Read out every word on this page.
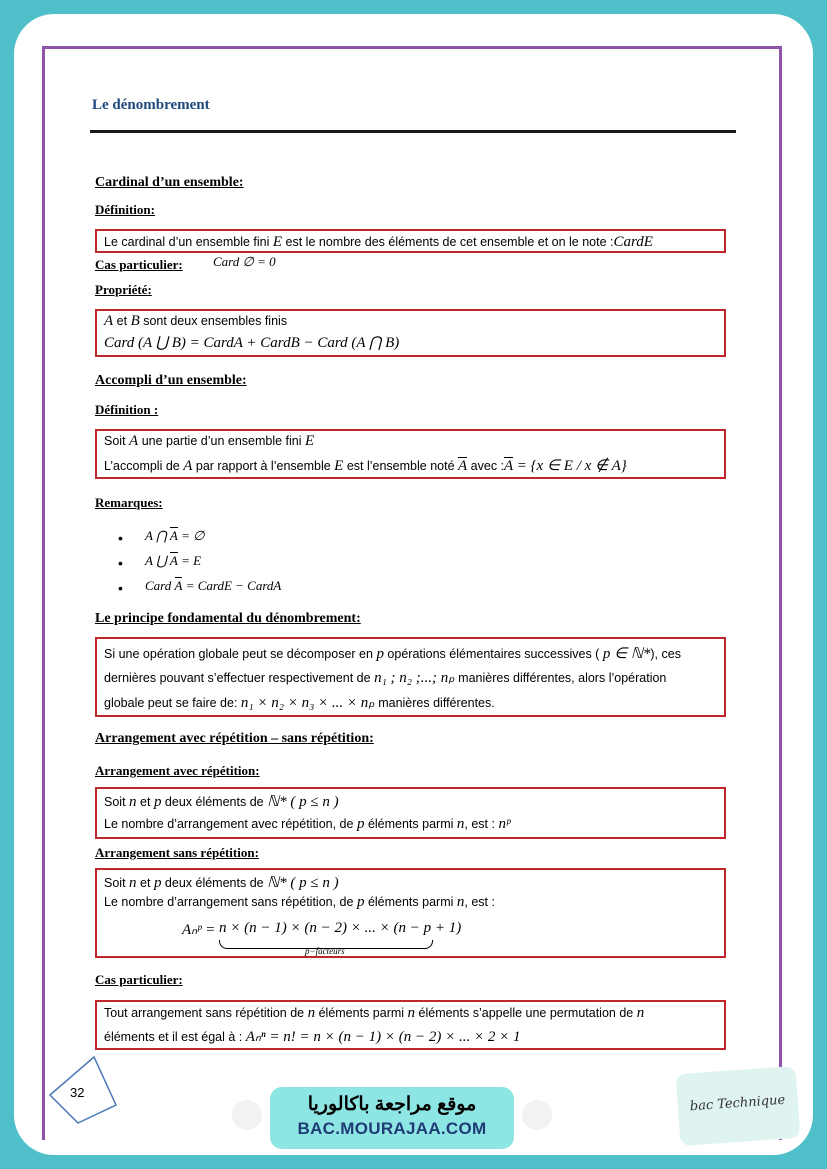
Le dénombrement
Cardinal d’un ensemble:
Définition:
Le cardinal d’un ensemble fini E est le nombre des éléments de cet ensemble et on le note :CardE
Cas particulier: Card ∅ = 0
Propriété:
A et B sont deux ensembles finis
Card (A ⋃ B) = CardA + CardB − Card (A ⋂ B)
Accompli d’un ensemble:
Définition :
Soit A une partie d’un ensemble fini E
L’accompli de A par rapport à l’ensemble E est l’ensemble noté A avec :A = {x ∈ E / x ∉ A}
Remarques:
• A ⋂ A = ∅
• A ⋃ A = E
• Card A = CardE − CardA
Le principe fondamental du dénombrement:
Si une opération globale peut se décomposer en p opérations élémentaires successives ( p ∈ ℕ*), ces
dernières pouvant s’effectuer respectivement de n₁ ; n₂ ;...; nₚ manières différentes, alors l’opération
globale peut se faire de: n₁ × n₂ × n₃ × ... × nₚ manières différentes.
Arrangement avec répétition – sans répétition:
Arrangement avec répétition:
Soit n et p deux éléments de ℕ* ( p ≤ n )
Le nombre d’arrangement avec répétition, de p éléments parmi n, est : nᵖ
Arrangement sans répétition:
Soit n et p deux éléments de ℕ* ( p ≤ n )
Le nombre d’arrangement sans répétition, de p éléments parmi n, est :
Aₙᵖ = n × (n − 1) × (n − 2) × ... × (n − p + 1)
p−facteurs
Cas particulier:
Tout arrangement sans répétition de n éléments parmi n éléments s’appelle une permutation de n
éléments et il est égal à : Aₙⁿ = n! = n × (n − 1) × (n − 2) × ... × 2 × 1
32
موقع مراجعة باكالوريا
BAC.MOURAJAA.COM
bac Technique
